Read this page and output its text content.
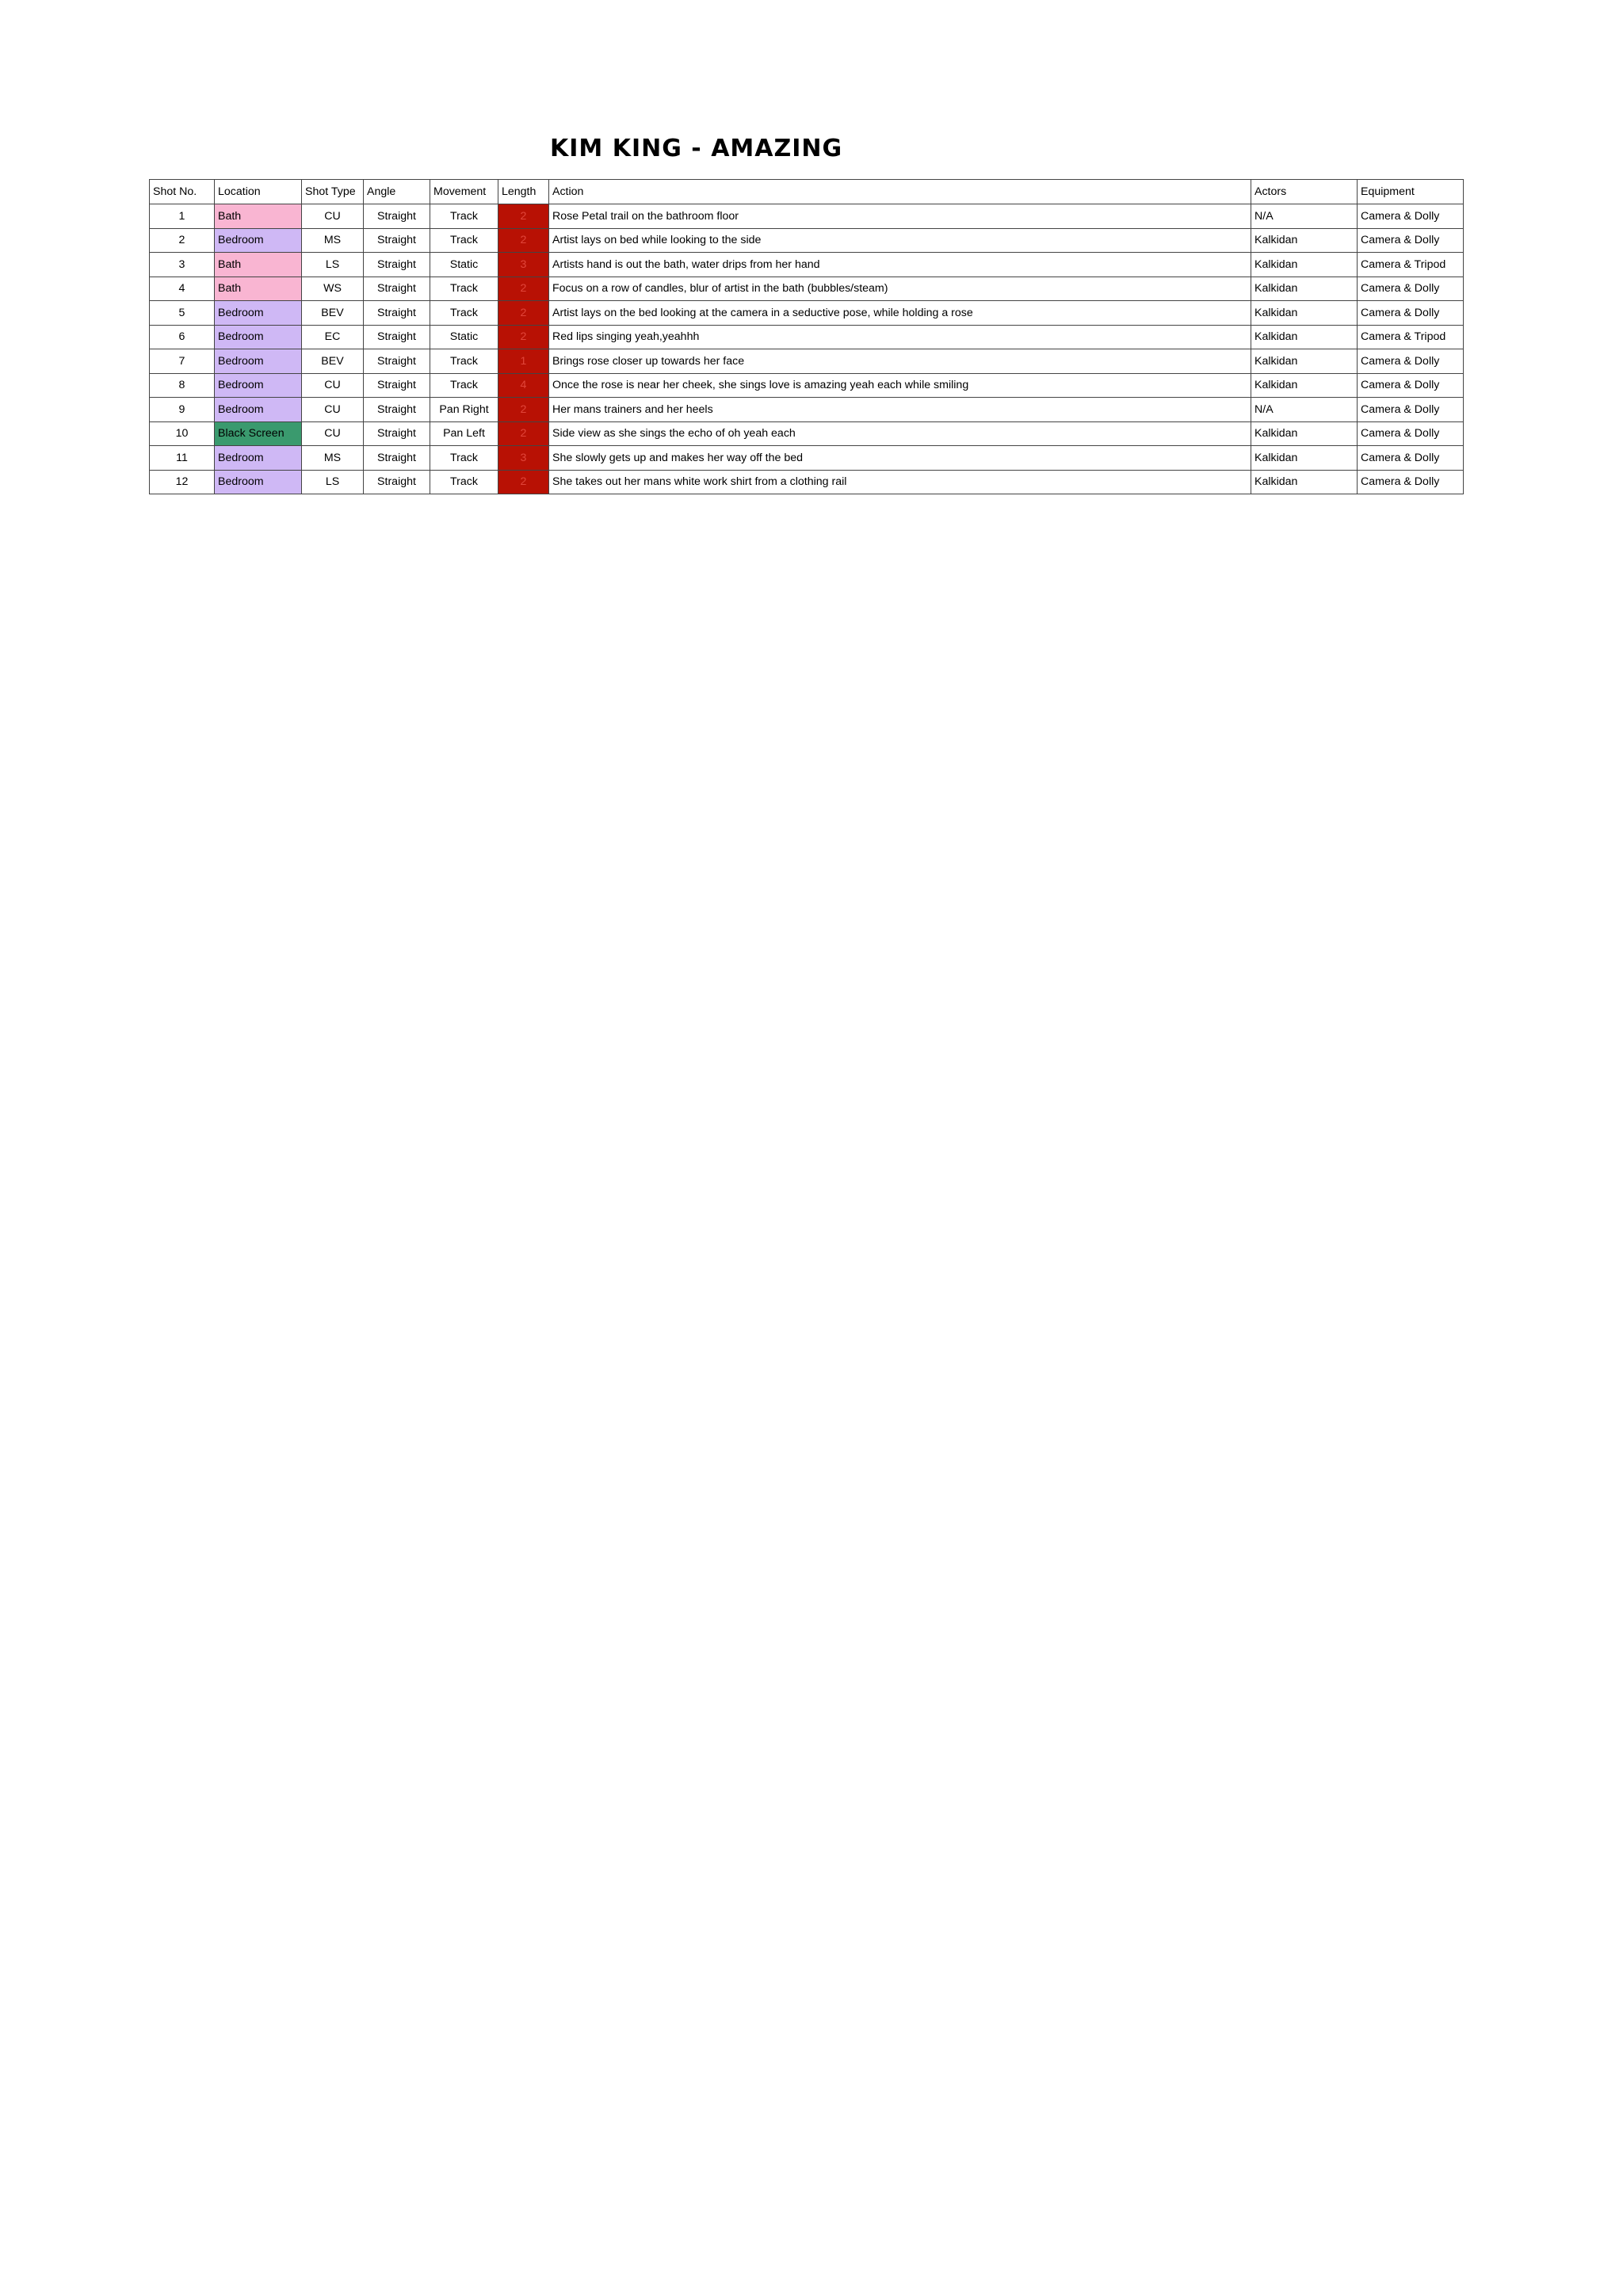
KIM KING - AMAZING
Shot No.	Location	Shot Type	Angle	Movement	Length	Action	Actors	Equipment
1	Bath	CU	Straight	Track	2	Rose Petal trail on the bathroom floor	N/A	Camera & Dolly
2	Bedroom	MS	Straight	Track	2	Artist lays on bed while looking to the side	Kalkidan	Camera & Dolly
3	Bath	LS	Straight	Static	3	Artists hand is out the bath, water drips from her hand	Kalkidan	Camera & Tripod
4	Bath	WS	Straight	Track	2	Focus on a row of candles, blur of artist in the bath (bubbles/steam)	Kalkidan	Camera & Dolly
5	Bedroom	BEV	Straight	Track	2	Artist lays on the bed looking at the camera in a seductive pose, while holding a rose	Kalkidan	Camera & Dolly
6	Bedroom	EC	Straight	Static	2	Red lips singing yeah,yeahhh	Kalkidan	Camera & Tripod
7	Bedroom	BEV	Straight	Track	1	Brings rose closer up towards her face	Kalkidan	Camera & Dolly
8	Bedroom	CU	Straight	Track	4	Once the rose is near her cheek, she sings love is amazing yeah each while smiling	Kalkidan	Camera & Dolly
9	Bedroom	CU	Straight	Pan Right	2	Her mans trainers and her heels	N/A	Camera & Dolly
10	Black Screen	CU	Straight	Pan Left	2	Side view as she sings the echo of oh yeah each	Kalkidan	Camera & Dolly
11	Bedroom	MS	Straight	Track	3	She slowly gets up and makes her way off the bed	Kalkidan	Camera & Dolly
12	Bedroom	LS	Straight	Track	2	She takes out her mans white work shirt from a clothing rail	Kalkidan	Camera & Dolly
